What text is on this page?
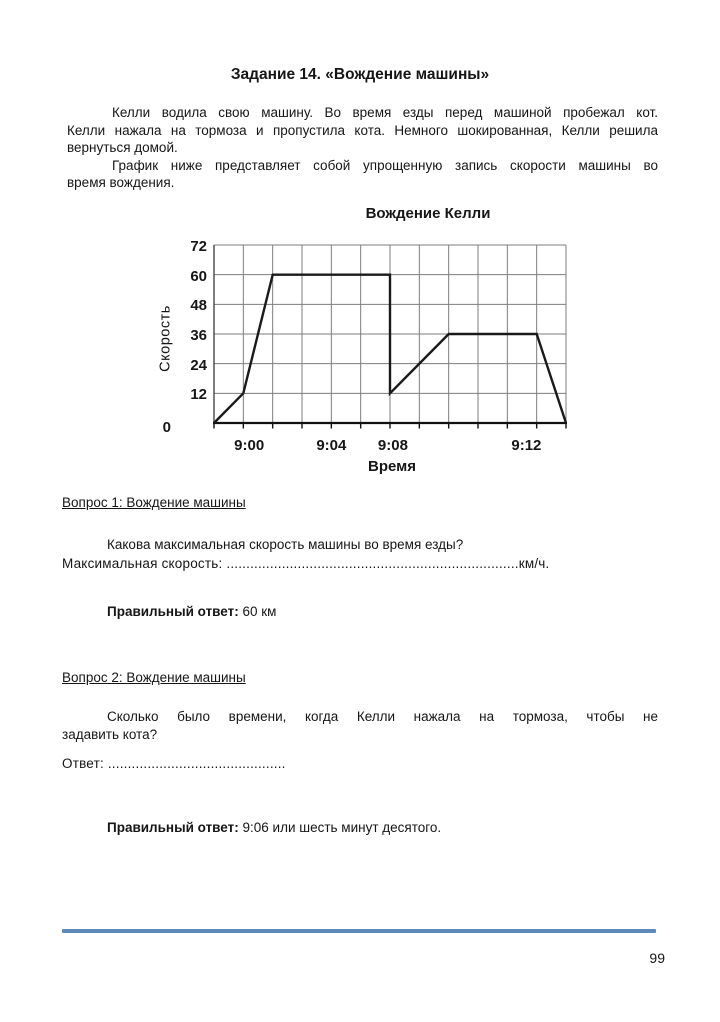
Задание 14. «Вождение машины»
Келли водила свою машину. Во время езды перед машиной пробежал кот.
Келли нажала на тормоза и пропустила кота. Немного шокированная, Келли решила
вернуться домой.
График ниже представляет собой упрощенную запись скорости машины во
время вождения.
Вождение Келли
Скорость
0
72
60
48
36
24
12
9:00	9:04	9:08	9:12
Время
Вопрос 1: Вождение машины
Какова максимальная скорость машины во время езды?
Максимальная скорость: ..........................................................................км/ч.
Правильный ответ: 60 км
Вопрос 2: Вождение машины
Сколько было времени, когда Келли нажала на тормоза, чтобы не
задавить кота?
Ответ: .............................................
Правильный ответ: 9:06 или шесть минут десятого.
99
